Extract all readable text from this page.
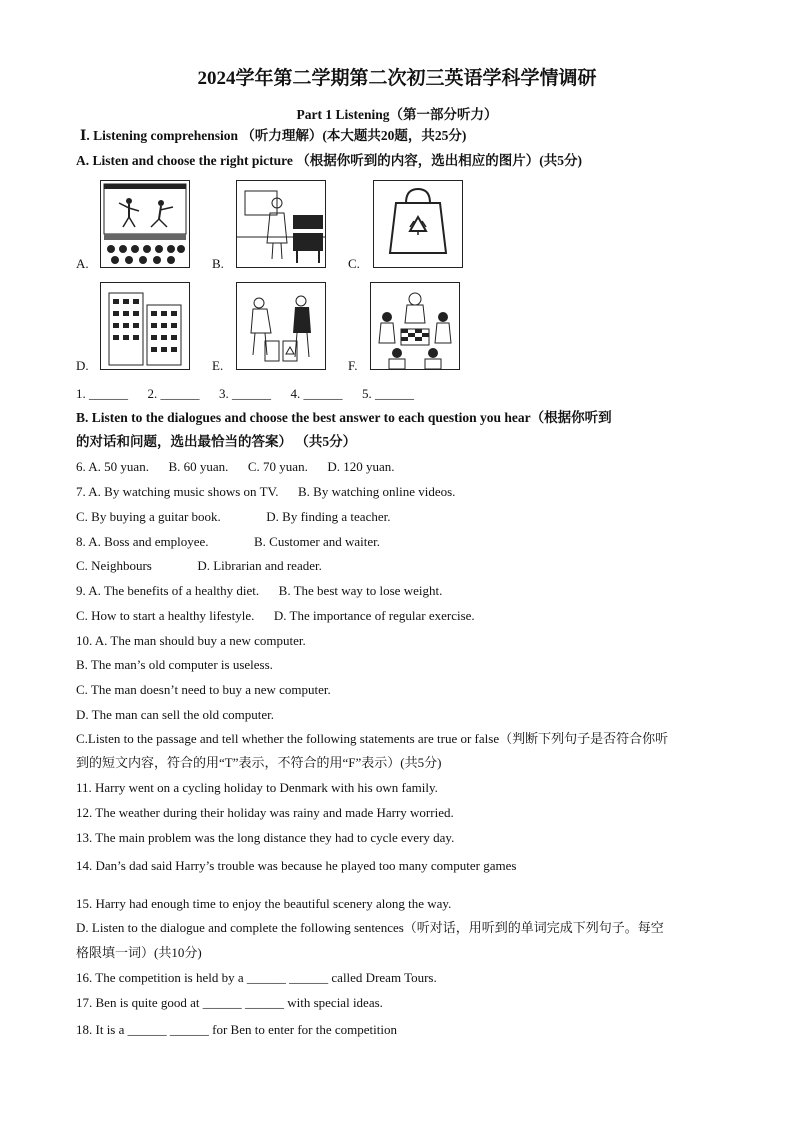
2024学年第二学期第二次初三英语学科学情调研
Part 1 Listening（第一部分听力）
Ⅰ. Listening comprehension （听力理解）(本大题共20题，共25分)
A. Listen and choose the right picture （根据你听到的内容，选出相应的图片）(共5分)
A.	B.	C.
D.	E.	F.
1. ______      2. ______      3. ______      4. ______      5. ______
B. Listen to the dialogues and choose the best answer to each question you hear（根据你听到
的对话和问题，选出最恰当的答案） （共5分）
6. A. 50 yuan.      B. 60 yuan.      C. 70 yuan.      D. 120 yuan.
7. A. By watching music shows on TV.      B. By watching online videos.
C. By buying a guitar book.              D. By finding a teacher.
8. A. Boss and employee.              B. Customer and waiter.
C. Neighbours              D. Librarian and reader.
9. A. The benefits of a healthy diet.      B. The best way to lose weight.
C. How to start a healthy lifestyle.      D. The importance of regular exercise.
10. A. The man should buy a new computer.
B. The man’s old computer is useless.
C. The man doesn’t need to buy a new computer.
D. The man can sell the old computer.
C.Listen to the passage and tell whether the following statements are true or false（判断下列句子是否符合你听
到的短文内容，符合的用“T”表示，不符合的用“F”表示）(共5分)
11. Harry went on a cycling holiday to Denmark with his own family.
12. The weather during their holiday was rainy and made Harry worried.
13. The main problem was the long distance they had to cycle every day.
14. Dan’s dad said Harry’s trouble was because he played too many computer games
15. Harry had enough time to enjoy the beautiful scenery along the way.
D. Listen to the dialogue and complete the following sentences（听对话，用听到的单词完成下列句子。每空
格限填一词）(共10分)
16. The competition is held by a ______ ______ called Dream Tours.
17. Ben is quite good at ______ ______ with special ideas.
18. It is a ______ ______ for Ben to enter for the competition
